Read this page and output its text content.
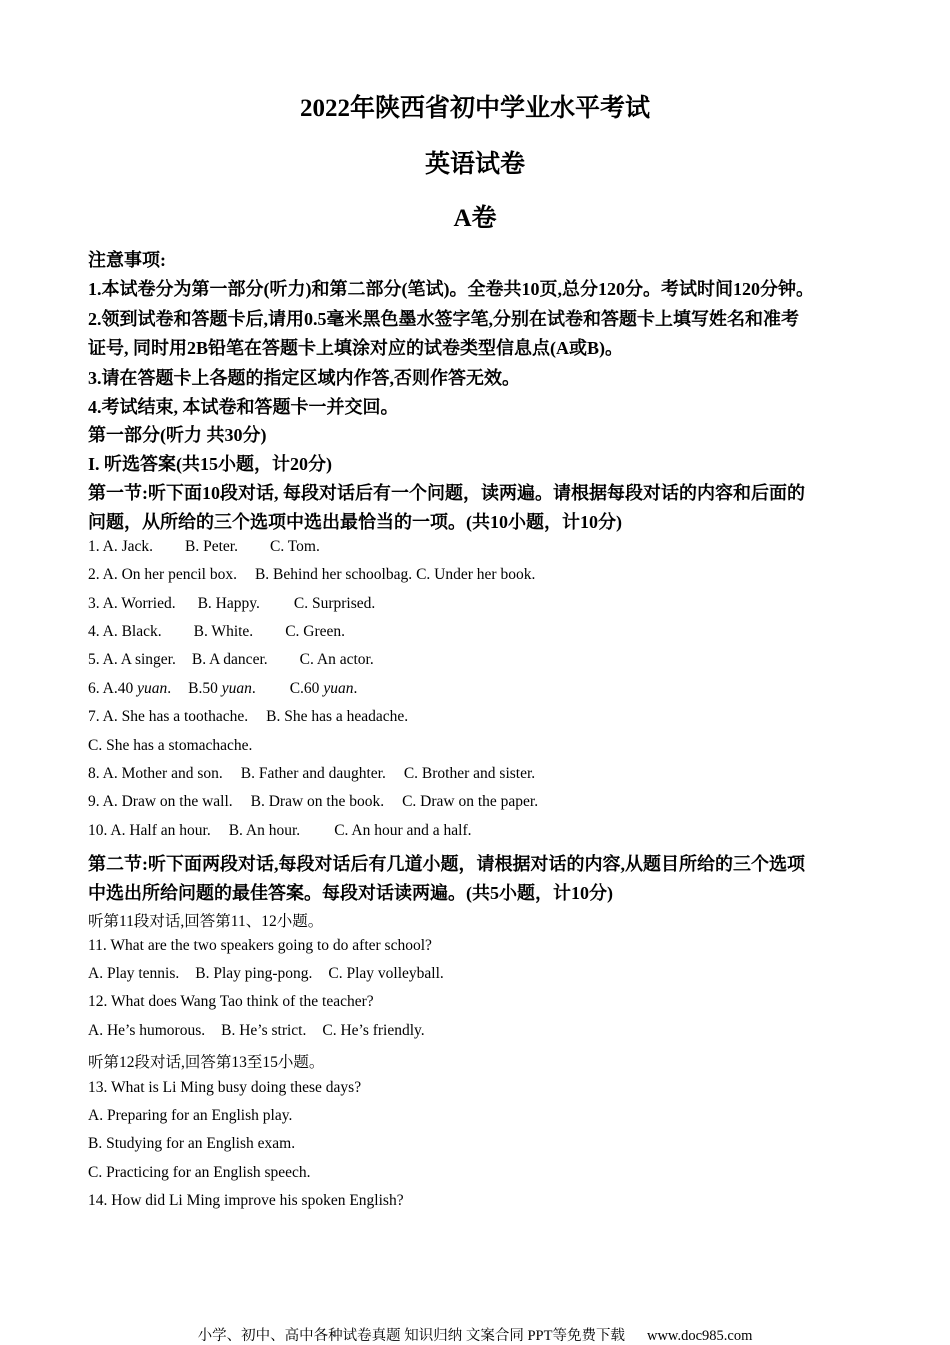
2022年陕西省初中学业水平考试
英语试卷
A卷
注意事项:
1.本试卷分为第一部分(听力)和第二部分(笔试)。全卷共10页,总分120分。考试时间120分钟。
2.领到试卷和答题卡后,请用0.5毫米黑色墨水签字笔,分别在试卷和答题卡上填写姓名和准考
证号, 同时用2B铅笔在答题卡上填涂对应的试卷类型信息点(A或B)。
3.请在答题卡上各题的指定区域内作答,否则作答无效。
4.考试结束, 本试卷和答题卡一并交回。
第一部分(听力 共30分)
I. 听选答案(共15小题，计20分)
第一节:听下面10段对话, 每段对话后有一个问题，读两遍。请根据每段对话的内容和后面的
问题，从所给的三个选项中选出最恰当的一项。(共10小题，计10分)
1. A. Jack. B. Peter. C. Tom.
2. A. On her pencil box. B. Behind her schoolbag. C. Under her book.
3. A. Worried. B. Happy. C. Surprised.
4. A. Black. B. White. C. Green.
5. A. A singer. B. A dancer. C. An actor.
6. A.40 yuan. B.50 yuan. C.60 yuan.
7. A. She has a toothache. B. She has a headache.
C. She has a stomachache.
8. A. Mother and son. B. Father and daughter. C. Brother and sister.
9. A. Draw on the wall. B. Draw on the book. C. Draw on the paper.
10. A. Half an hour. B. An hour. C. An hour and a half.
第二节:听下面两段对话,每段对话后有几道小题，请根据对话的内容,从题目所给的三个选项
中选出所给问题的最佳答案。每段对话读两遍。(共5小题，计10分)
听第11段对话,回答第11、12小题。
11. What are the two speakers going to do after school?
A. Play tennis. B. Play ping-pong. C. Play volleyball.
12. What does Wang Tao think of the teacher?
A. He’s humorous. B. He’s strict. C. He’s friendly.
听第12段对话,回答第13至15小题。
13. What is Li Ming busy doing these days?
A. Preparing for an English play.
B. Studying for an English exam.
C. Practicing for an English speech.
14. How did Li Ming improve his spoken English?
小学、初中、高中各种试卷真题 知识归纳 文案合同 PPT等免费下载 www.doc985.com
